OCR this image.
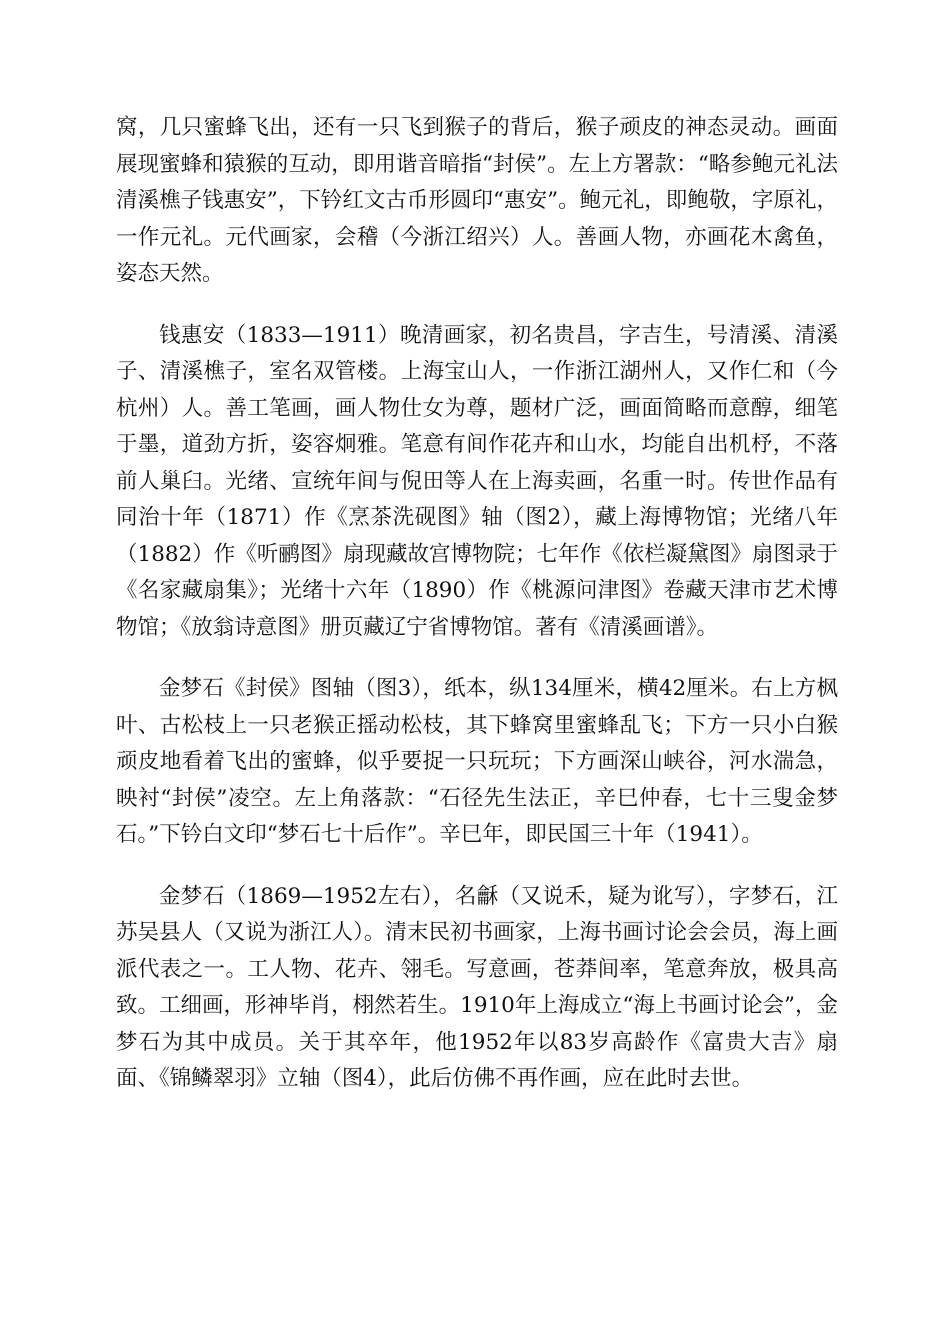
窝，几只蜜蜂飞出，还有一只飞到猴子的背后，猴子顽皮的神态灵动。画面展现蜜蜂和猿猴的互动，即用谐音暗指“封侯”。左上方署款：“略参鲍元礼法清溪樵子钱惠安”，下钤红文古币形圆印“惠安”。鲍元礼，即鲍敬，字原礼，一作元礼。元代画家，会稽（今浙江绍兴）人。善画人物，亦画花木禽鱼，姿态天然。

钱惠安（1833—1911）晚清画家，初名贵昌，字吉生，号清溪、清溪子、清溪樵子，室名双管楼。上海宝山人，一作浙江湖州人，又作仁和（今杭州）人。善工笔画，画人物仕女为尊，题材广泛，画面简略而意醇，细笔于墨，道劲方折，姿容炯雅。笔意有间作花卉和山水，均能自出机杼，不落前人巢臼。光绪、宣统年间与倪田等人在上海卖画，名重一时。传世作品有同治十年（1871）作《烹茶洗砚图》轴（图2），藏上海博物馆；光绪八年（1882）作《听鹂图》扇现藏故宫博物院；七年作《依栏凝黛图》扇图录于《名家藏扇集》；光绪十六年（1890）作《桃源问津图》卷藏天津市艺术博物馆；《放翁诗意图》册页藏辽宁省博物馆。著有《清溪画谱》。

金梦石《封侯》图轴（图3），纸本，纵134厘米，横42厘米。右上方枫叶、古松枝上一只老猴正摇动松枝，其下蜂窝里蜜蜂乱飞；下方一只小白猴顽皮地看着飞出的蜜蜂，似乎要捉一只玩玩；下方画深山峡谷，河水湍急，映衬“封侯”凌空。左上角落款：“石径先生法正，辛巳仲春，七十三叟金梦石。”下钤白文印“梦石七十后作”。辛巳年，即民国三十年（1941）。

金梦石（1869—1952左右），名龢（又说禾，疑为讹写），字梦石，江苏吴县人（又说为浙江人）。清末民初书画家，上海书画讨论会会员，海上画派代表之一。工人物、花卉、翎毛。写意画，苍莽间率，笔意奔放，极具高致。工细画，形神毕肖，栩然若生。1910年上海成立“海上书画讨论会”，金梦石为其中成员。关于其卒年，他1952年以83岁高龄作《富贵大吉》扇面、《锦鳞翠羽》立轴（图4），此后仿佛不再作画，应在此时去世。
